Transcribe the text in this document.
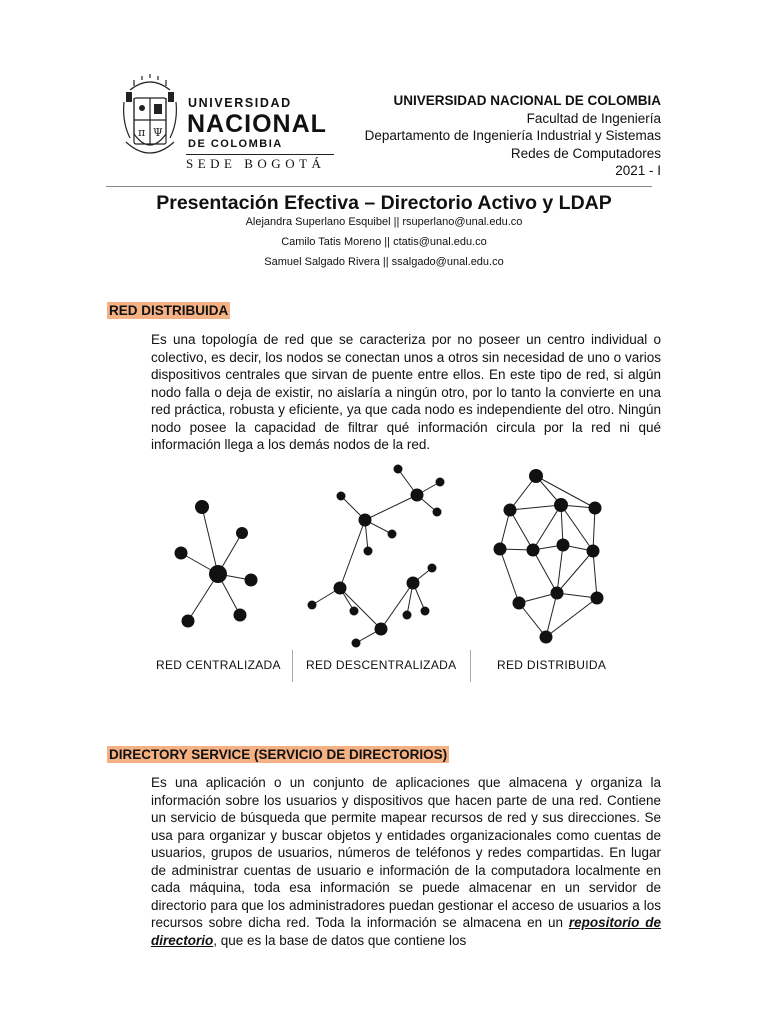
π Ψ
UNIVERSIDAD
NACIONAL
DE COLOMBIA
SEDE BOGOTÁ
UNIVERSIDAD NACIONAL DE COLOMBIA
Facultad de Ingeniería
Departamento de Ingeniería Industrial y Sistemas
Redes de Computadores
2021 - I
Presentación Efectiva – Directorio Activo y LDAP
Alejandra Superlano Esquibel || rsuperlano@unal.edu.co
Camilo Tatis Moreno || ctatis@unal.edu.co
Samuel Salgado Rivera || ssalgado@unal.edu.co
RED DISTRIBUIDA
Es una topología de red que se caracteriza por no poseer un centro individual o colectivo, es decir, los nodos se conectan unos a otros sin necesidad de uno o varios dispositivos centrales que sirvan de puente entre ellos. En este tipo de red, si algún nodo falla o deja de existir, no aislaría a ningún otro, por lo tanto la convierte en una red práctica, robusta y eficiente, ya que cada nodo es independiente del otro. Ningún nodo posee la capacidad de filtrar qué información circula por la red ni qué información llega a los demás nodos de la red.
RED CENTRALIZADA RED DESCENTRALIZADA	RED DISTRIBUIDA
DIRECTORY SERVICE (SERVICIO DE DIRECTORIOS)
Es una aplicación o un conjunto de aplicaciones que almacena y organiza la información sobre los usuarios y dispositivos que hacen parte de una red. Contiene un servicio de búsqueda que permite mapear recursos de red y sus direcciones. Se usa para organizar y buscar objetos y entidades organizacionales como cuentas de usuarios, grupos de usuarios, números de teléfonos y redes compartidas. En lugar de administrar cuentas de usuario e información de la computadora localmente en cada máquina, toda esa información se puede almacenar en un servidor de directorio para que los administradores puedan gestionar el acceso de usuarios a los recursos sobre dicha red. Toda la información se almacena en un repositorio de directorio, que es la base de datos que contiene los
